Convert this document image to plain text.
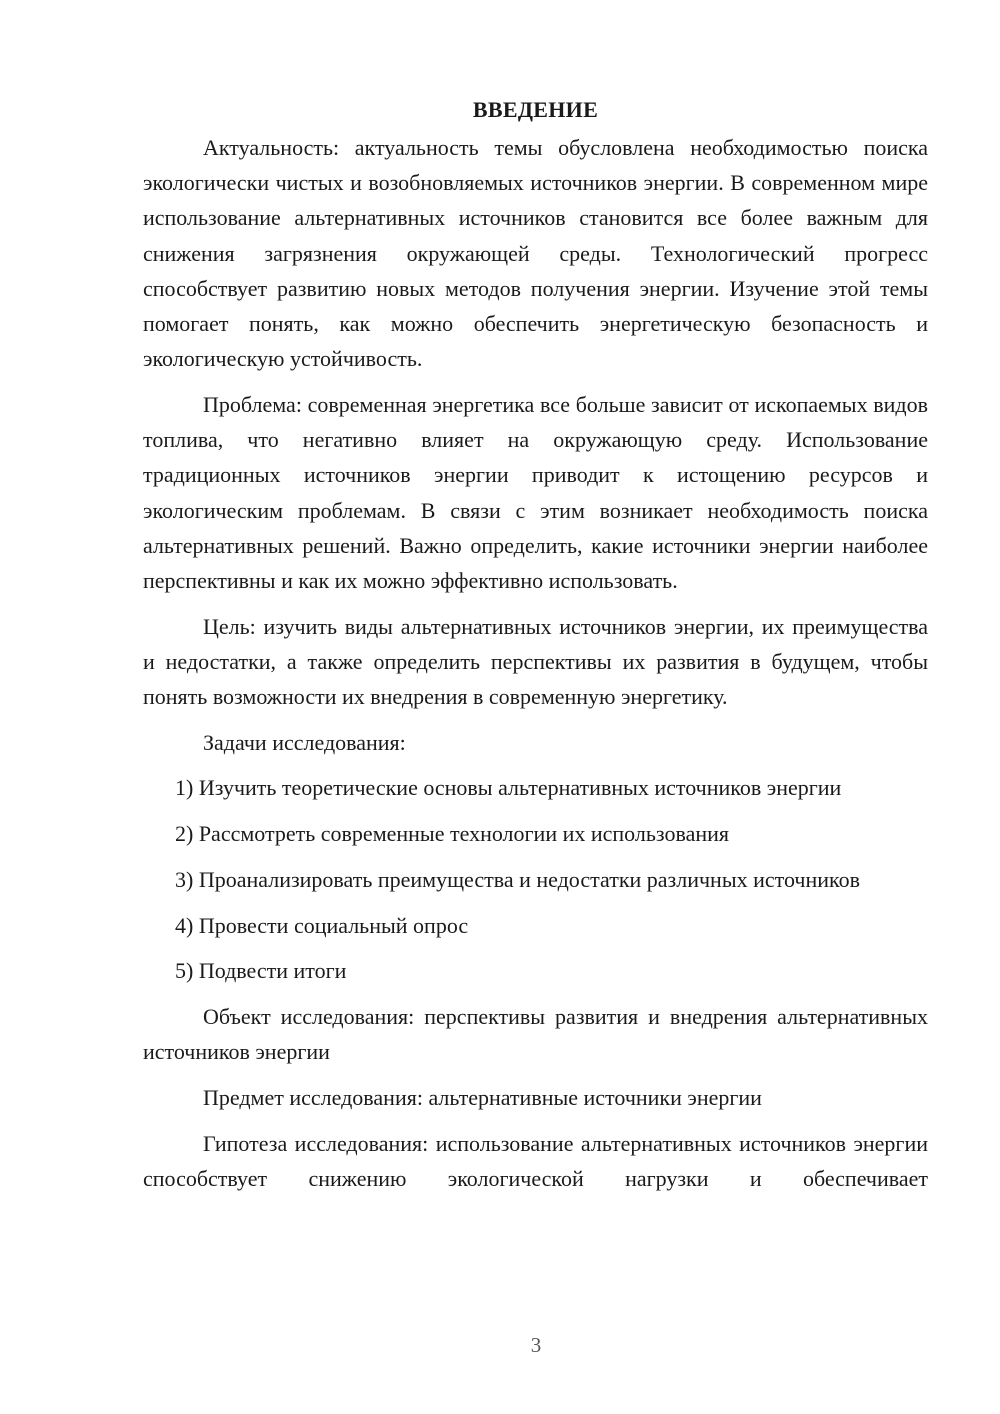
ВВЕДЕНИЕ

Актуальность: актуальность темы обусловлена необходимостью поиска экологически чистых и возобновляемых источников энергии. В современном мире использование альтернативных источников становится все более важным для снижения загрязнения окружающей среды. Технологический прогресс способствует развитию новых методов получения энергии. Изучение этой темы помогает понять, как можно обеспечить энергетическую безопасность и экологическую устойчивость.

Проблема: современная энергетика все больше зависит от ископаемых видов топлива, что негативно влияет на окружающую среду. Использование традиционных источников энергии приводит к истощению ресурсов и экологическим проблемам. В связи с этим возникает необходимость поиска альтернативных решений. Важно определить, какие источники энергии наиболее перспективны и как их можно эффективно использовать.

Цель: изучить виды альтернативных источников энергии, их преимущества и недостатки, а также определить перспективы их развития в будущем, чтобы понять возможности их внедрения в современную энергетику.

Задачи исследования:

1) Изучить теоретические основы альтернативных источников энергии

2) Рассмотреть современные технологии их использования

3) Проанализировать преимущества и недостатки различных источников

4) Провести социальный опрос

5) Подвести итоги

Объект исследования: перспективы развития и внедрения альтернативных источников энергии

Предмет исследования: альтернативные источники энергии

Гипотеза исследования: использование альтернативных источников энергии способствует снижению экологической нагрузки и обеспечивает

3
